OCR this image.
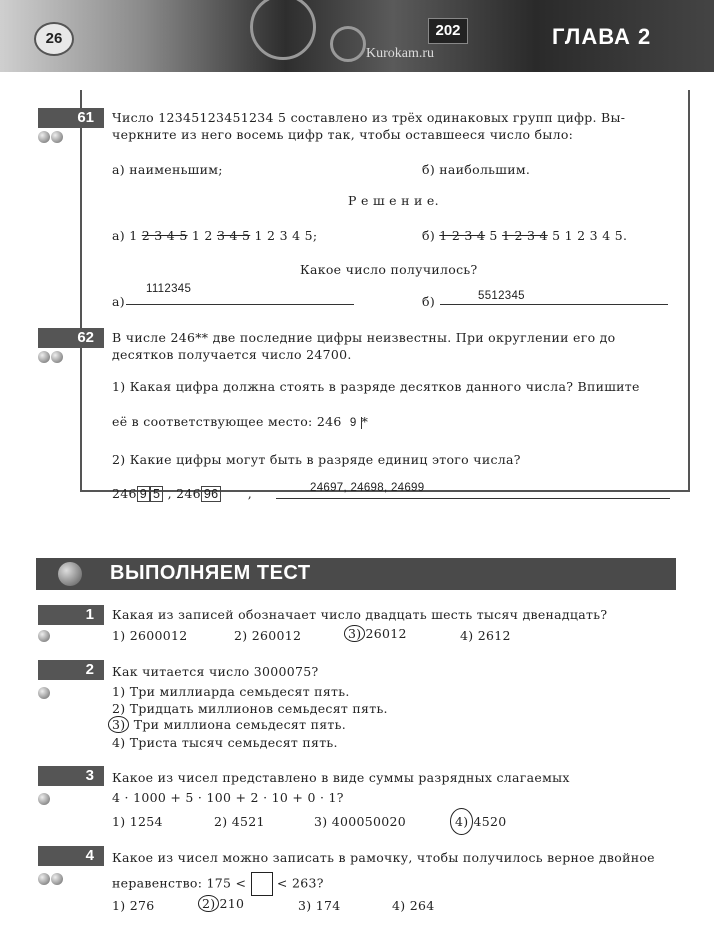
26	202
Kurokam.ru
ГЛАВА 2
61	Число 12345123451234 5 составлено из трёх одинаковых групп цифр. Вы-
черкните из него восемь цифр так, чтобы оставшееся число было:
а) наименьшим;	б) наибольшим.
Р е ш е н и е.
а) 1 2 3 4 5 1 2 3 4 5 1 2 3 4 5;	б) 1 2 3 4 5 1 2 3 4 5 1 2 3 4 5.
Какое число получилось?
а)
1112345
б)	5512345
62	В числе 246** две последние цифры неизвестны. При округлении его до
десятков получается число 24700.
1) Какая цифра должна стоять в разряде десятков данного числа? Впишите
её в соответствующее место: 246 9 *
2) Какие цифры могут быть в разряде единиц этого числа?
246 9 5 , 246 96 ,	24697, 24698, 24699
ВЫПОЛНЯЕМ ТЕСТ
1	Какая из записей обозначает число двадцать шесть тысяч двенадцать?
1) 2600012	2) 260012	3) 26012	4) 2612
2	Как читается число 3000075?
1) Три миллиарда семьдесят пять.
2) Тридцать миллионов семьдесят пять.
3) Три миллиона семьдесят пять.
4) Триста тысяч семьдесят пять.
3	Какое из чисел представлено в виде суммы разрядных слагаемых
4 · 1000 + 5 · 100 + 2 · 10 + 0 · 1?
1) 1254	2) 4521	3) 400050020	4) 4520
4	Какое из чисел можно записать в рамочку, чтобы получилось верное двойное
неравенство: 175 < < 263?
1) 276	2) 210	3) 174	4) 264
